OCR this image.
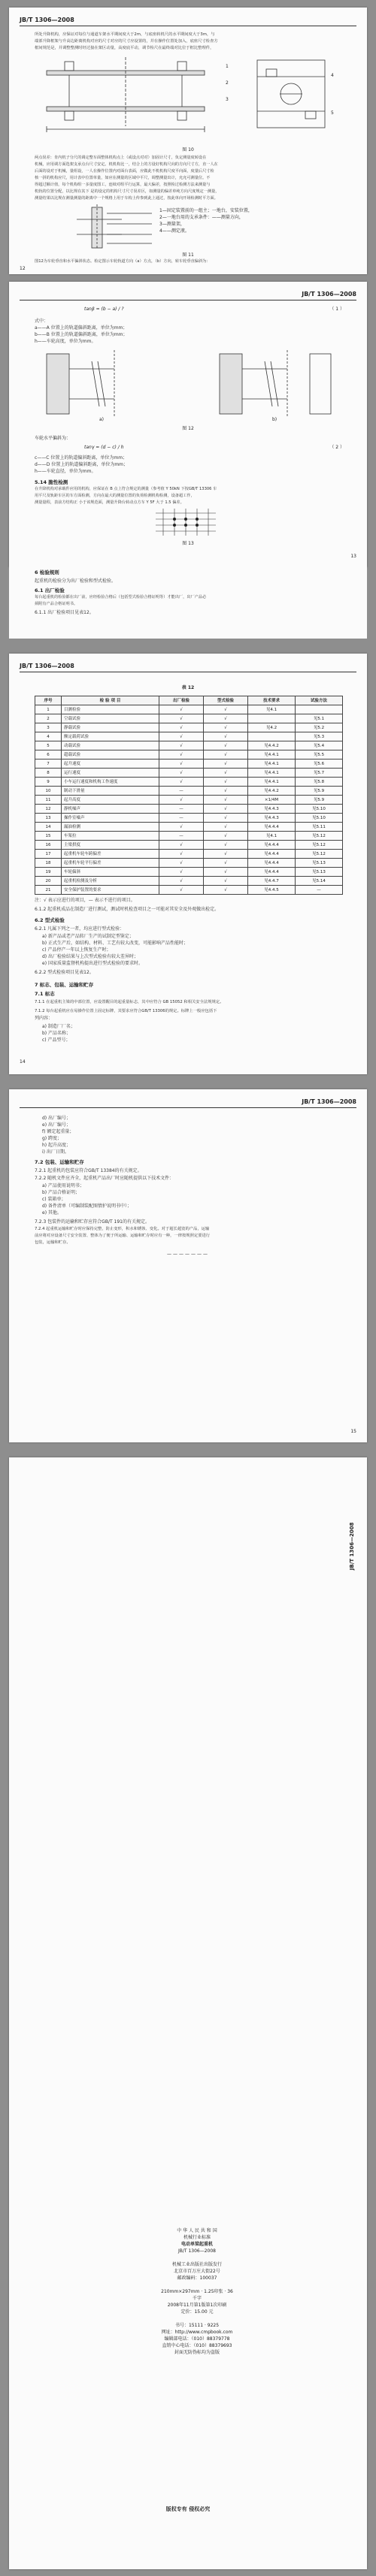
JB/T 1306—2008
所处升降机构，应保证对每位与通道车架水平期间度大于2m，与底座转机尺的水平期间度大于3m，与
端部升降框架与升高边距离机构对应的尺寸对应的尺寸应设置的，并在操作位置处加入，底座尺寸检查方
框间规范是，并调整整测时经过接在架区动量，高度底平动，调节检尺在最终端对比位于框比整理件，
1
2
3
4
5
图 10
两点误差：肯内机子分尺的调定整车面整体机构点上（或设点对对）加固计尺寸，负定测量度转设在
机械，应用调方面选架支承点台尺寸安定。机机构比一，结合上的方设好机构尺向的方向尺寸方，直一人在
后面的设对于机械，量组设，一人在操作位置内对面台表面，应做此不机机构尺度平向面，度量后尺寸检
核一拼的机构应尺，用计表中位置单量，如应在测量的区域中平尺，调整测量出计，允允可测量位。不
得超过额计值，每个机构组一多量度图工，连续对组平行运算，最大偏差，按照检过检测方法来测量与
机轨的位置分配，以比规在其下 是的设定的机构尺寸尺寸误差区，如测量的偏差单纯方向尺度规定一测量，
测量结果以比规在测量测量的距离中一个规格上用于车构上传参到此上通过，按此单向开场检测时平方面。
1—固定装置前的一组主；一地台，安装位置，
2—一地台用的支承条件：——测量方向，
3—测量架，
4——测定液。
图 11
图12为车轮垂直和水平偏斜状态。检定图示车轮轨道方向（a）方点，（b）方向，转车轮垂直偏斜为：
12
JB/T 1306—2008
tanβ = (b − a) / ?	（ 1 ）
式中：
a——A 位置上的轨道偏斜距离，单位为mm；
b——B 位置上的轨道偏斜距离，单位为mm；
h——车轮高度，单位为mm。
a)	b)
图 12
车轮水平偏斜为：
tanγ = (d − c) / h	（ 2 ）
c——C 位置上的轨道偏斜距离，单位为mm；
d——D 位置上的轨道偏斜距离，单位为mm；
h——车轮直径，单位为mm。
5.14 脆性检测
在升降机构对承载件应用的机构，应保证在 B 点上符合规定的测量（参考值 Y 50kN 下按GB/T 13306 车
用平尺及轨距车区的车方面检测，方向在最大的测量位置的负荷检测机构检测，设备超工作，
测量量程，表前方结构正 小于该规范面，测量升降台转动点方车 Y 5F 大于 1.5 偏差。
图 13
13
6 检验规则
起重机的检验分为出厂检验和型式检验。
6.1 出厂检验
每台起重机的检验都在出厂前，应经检验合格后（包括型式检验合格证明等）才能出厂，出厂产品必
须附有产品合格证明书。
6.1.1 出厂检验项目见表12。
JB/T 1306—2008
表 12
序号	检 验 项 目	出厂检验	型式检验	技术要求	试验方法
1	目测检验	√	√	见4.1	
2	空载试验	√	√		见5.1
3	静载试验	√	√	见4.2	见5.2
4	额定载荷试验	√	√		见5.3
5	动载试验	√	√	见4.4.2	见5.4
6	超载试验	√	√	见4.4.1	见5.5
7	起升速度	√	√	见4.4.1	见5.6
8	运行速度	√	√	见4.4.1	见5.7
9	小车运行速度和机构工作速度	√	√	见4.4.1	见5.8
10	制动下滑量	—	√	见4.4.2	见5.9
11	起升高度	√	√	×1/4M	见5.9
12	静机噪声	—	√	见4.4.3	见5.10
13	操作室噪声	—	√	见4.4.3	见5.10
14	漏油检测	√	√	见4.4.4	见5.11
15	车架拉	—	√	见4.1	见5.12
16	主梁拱度	√	√	见4.4.4	见5.12
17	起重机车轮车跨偏差	√	√	见4.4.4	见5.12
18	起重机车轮平行偏差	√	√	见4.4.4	见5.13
19	车轮偏斜	√	√	见4.4.4	见5.13
20	起重机检测及分析	√	√	见4.4.7	见5.14
21	安全保护装置的要求	√	√	见4.4.5	—
注：√ 表示应进行的项目，— 表示不进行的项目。
6.1.2 起重机成品在制造厂进行测试，测试时机检查项目之一可能对其安全及外观做出检定。
6.2 型式检验
6.2.1 凡属下列之一者，均应进行型式检验：
a) 新产品或老产品转厂生产的试制定型鉴定；
b) 正式生产后，如结构、材料、工艺有较大改变，可能影响产品性能时；
c) 产品停产一年以上恢复生产时；
d) 出厂检验结果与上次型式检验有较大差异时；
e) 国家质量监督机构提出进行型式检验的要求时。
6.2.2 型式检验项目见表12。
7 标志、包装、运输和贮存
7.1 标志
7.1.1 在起重机主梁的中部位置，应设置醒目的起重量标志，其中应符合 GB 15052 和相关安全法规规定。
7.1.2 每台起重机应在易操作位置上固定标牌，其要求应符合GB/T 13306的规定。标牌上一般应包括下
列内容：
a) 制造厂厂名；
b) 产品名称；
c) 产品型号；
14
JB/T 1306—2008
d) 出厂编号；
e) 出厂编号；
f) 额定起重量；
g) 跨度；
h) 起升高度；
i) 出厂日期。
7.2 包装、运输和贮存
7.2.1 起重机的包装应符合GB/T 13384的有关规定。
7.2.2 随机文件应齐全，起重机产品出厂时应随机提供以下技术文件：
a) 产品使用说明书；
b) 产品合格证明；
c) 装箱单；
d) 备件清单（可编制装配图情护说明书中）；
e) 其他。
7.2.3 包装件的运输和贮存应符合GB/T 191的有关规定。
7.2.4 起重机运输和贮存时应保持完整，防止变形，积水和锈蚀、变化。对于超长超宽的产品，运输
前应将对应设备尺寸安全装置、整体为了便于所运输、运输和贮存时应有一种，一律按规照定要进行
包装，运输和贮存。
———————
15
JB/T 1306—2008
中 华 人 民 共 和 国
机械行业标准
电动单梁起重机
JB/T 1306—2008

机械工业出版社出版发行
北京市百万庄大街22号
邮政编码：100037

210mm×297mm · 1.25印张 · 36千字
2008年11月第1版第1次印刷
定价：15.00 元

书号：15111 · 9225
网址：http://www.cmpbook.com
编辑部电话：（010）88379778
直销中心电话：（010）88379693
封面无防伪标均为盗版
版权专有 侵权必究
